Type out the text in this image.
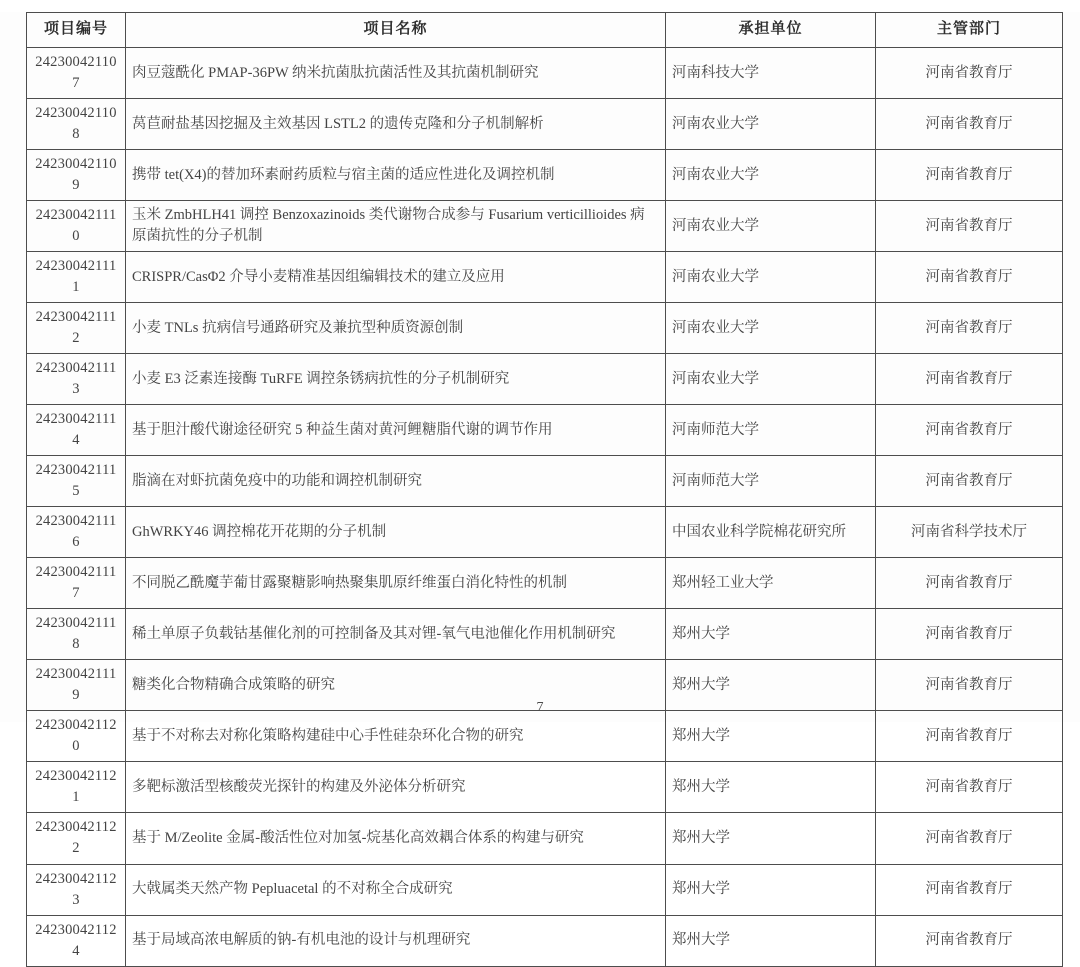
项目编号	项目名称	承担单位	主管部门
242300421107	肉豆蔻酰化 PMAP-36PW 纳米抗菌肽抗菌活性及其抗菌机制研究	河南科技大学	河南省教育厅
242300421108	莴苣耐盐基因挖掘及主效基因 LSTL2 的遗传克隆和分子机制解析	河南农业大学	河南省教育厅
242300421109	携带 tet(X4)的替加环素耐药质粒与宿主菌的适应性进化及调控机制	河南农业大学	河南省教育厅
242300421110	玉米 ZmbHLH41 调控 Benzoxazinoids 类代谢物合成参与 Fusarium verticillioides 病原菌抗性的分子机制	河南农业大学	河南省教育厅
242300421111	CRISPR/CasΦ2 介导小麦精准基因组编辑技术的建立及应用	河南农业大学	河南省教育厅
242300421112	小麦 TNLs 抗病信号通路研究及兼抗型种质资源创制	河南农业大学	河南省教育厅
242300421113	小麦 E3 泛素连接酶 TuRFE 调控条锈病抗性的分子机制研究	河南农业大学	河南省教育厅
242300421114	基于胆汁酸代谢途径研究 5 种益生菌对黄河鲤糖脂代谢的调节作用	河南师范大学	河南省教育厅
242300421115	脂滴在对虾抗菌免疫中的功能和调控机制研究	河南师范大学	河南省教育厅
242300421116	GhWRKY46 调控棉花开花期的分子机制	中国农业科学院棉花研究所	河南省科学技术厅
242300421117	不同脱乙酰魔芋葡甘露聚糖影响热聚集肌原纤维蛋白消化特性的机制	郑州轻工业大学	河南省教育厅
242300421118	稀土单原子负载钴基催化剂的可控制备及其对锂-氧气电池催化作用机制研究	郑州大学	河南省教育厅
242300421119	糖类化合物精确合成策略的研究	郑州大学	河南省教育厅
242300421120	基于不对称去对称化策略构建硅中心手性硅杂环化合物的研究	郑州大学	河南省教育厅
242300421121	多靶标激活型核酸荧光探针的构建及外泌体分析研究	郑州大学	河南省教育厅
242300421122	基于 M/Zeolite 金属-酸活性位对加氢-烷基化高效耦合体系的构建与研究	郑州大学	河南省教育厅
242300421123	大戟属类天然产物 Pepluacetal 的不对称全合成研究	郑州大学	河南省教育厅
242300421124	基于局域高浓电解质的钠-有机电池的设计与机理研究	郑州大学	河南省教育厅
7
